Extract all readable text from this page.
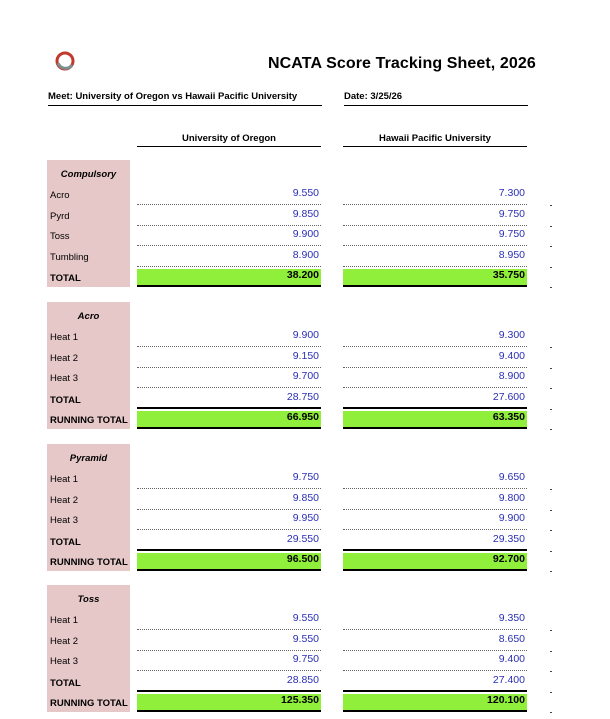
NCATA Score Tracking Sheet, 2026
Meet: University of Oregon vs Hawaii Pacific University	Date: 3/25/26
University of Oregon	Hawaii Pacific University
Compulsory
Acro	9.550	7.300
Pyrd	9.850	9.750
Toss	9.900	9.750
Tumbling	8.900	8.950
TOTAL	38.200	35.750
Acro
Heat 1	9.900	9.300
Heat 2	9.150	9.400
Heat 3	9.700	8.900
TOTAL	28.750	27.600
RUNNING TOTAL	66.950	63.350
Pyramid
Heat 1	9.750	9.650
Heat 2	9.850	9.800
Heat 3	9.950	9.900
TOTAL	29.550	29.350
RUNNING TOTAL	96.500	92.700
Toss
Heat 1	9.550	9.350
Heat 2	9.550	8.650
Heat 3	9.750	9.400
TOTAL	28.850	27.400
RUNNING TOTAL	125.350	120.100
